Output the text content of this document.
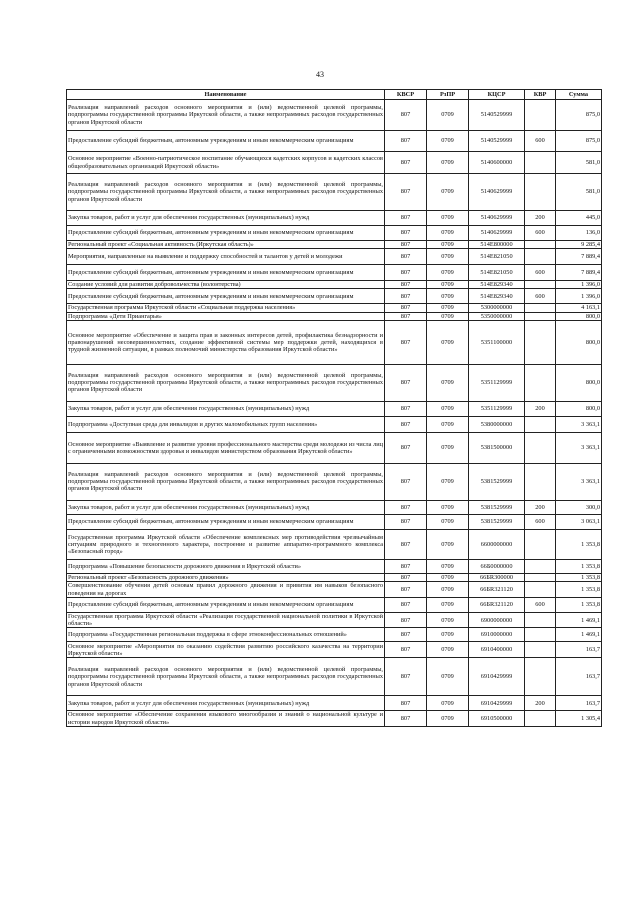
43
Наименование	КВСР	РзПР	КЦСР	КВР	Сумма
Реализация направлений расходов основного мероприятия и (или) ведомственной целевой программы, подпрограммы государственной программы Иркутской области, а также непрограммных расходов государственных органов Иркутской области	807	0709	5140529999		875,0
Предоставление субсидий бюджетным, автономным учреждениям и иным некоммерческим организациям	807	0709	5140529999	600	875,0
Основное мероприятие «Военно-патриотическое воспитание обучающихся кадетских корпусов и кадетских классов общеобразовательных организаций Иркутской области»	807	0709	5140600000		581,0
Реализация направлений расходов основного мероприятия и (или) ведомственной целевой программы, подпрограммы государственной программы Иркутской области, а также непрограммных расходов государственных органов Иркутской области	807	0709	5140629999		581,0
Закупка товаров, работ и услуг для обеспечения государственных (муниципальных) нужд	807	0709	5140629999	200	445,0
Предоставление субсидий бюджетным, автономным учреждениям и иным некоммерческим организациям	807	0709	5140629999	600	136,0
Региональный проект «Социальная активность (Иркутская область)»	807	0709	514E800000		9 285,4
Мероприятия, направленные на выявление и поддержку способностей и талантов у детей и молодежи	807	0709	514E821050		7 889,4
Предоставление субсидий бюджетным, автономным учреждениям и иным некоммерческим организациям	807	0709	514E821050	600	7 889,4
Создание условий для развития добровольчества (волонтерства)	807	0709	514E829340		1 396,0
Предоставление субсидий бюджетным, автономным учреждениям и иным некоммерческим организациям	807	0709	514E829340	600	1 396,0
Государственная программа Иркутской области «Социальная поддержка населения»	807	0709	5300000000		4 163,1
Подпрограмма «Дети Приангарья»	807	0709	5350000000		800,0
Основное мероприятие «Обеспечение и защита прав и законных интересов детей, профилактика безнадзорности и правонарушений несовершеннолетних, создание эффективной системы мер поддержки детей, находящихся в трудной жизненной ситуации, в рамках полномочий министерства образования Иркутской области»	807	0709	5351100000		800,0
Реализация направлений расходов основного мероприятия и (или) ведомственной целевой программы, подпрограммы государственной программы Иркутской области, а также непрограммных расходов государственных органов Иркутской области	807	0709	5351129999		800,0
Закупка товаров, работ и услуг для обеспечения государственных (муниципальных) нужд	807	0709	5351129999	200	800,0
Подпрограмма «Доступная среда для инвалидов и других маломобильных групп населения»	807	0709	5380000000		3 363,1
Основное мероприятие «Выявление и развитие уровня профессионального мастерства среди молодежи из числа лиц с ограниченными возможностями здоровья и инвалидов министерством образования Иркутской области»	807	0709	5381500000		3 363,1
Реализация направлений расходов основного мероприятия и (или) ведомственной целевой программы, подпрограммы государственной программы Иркутской области, а также непрограммных расходов государственных органов Иркутской области	807	0709	5381529999		3 363,1
Закупка товаров, работ и услуг для обеспечения государственных (муниципальных) нужд	807	0709	5381529999	200	300,0
Предоставление субсидий бюджетным, автономным учреждениям и иным некоммерческим организациям	807	0709	5381529999	600	3 063,1
Государственная программа Иркутской области «Обеспечение комплексных мер противодействия чрезвычайным ситуациям природного и техногенного характера, построение и развитие аппаратно-программного комплекса «Безопасный город»	807	0709	6600000000		1 353,8
Подпрограмма «Повышение безопасности дорожного движения в Иркутской области»	807	0709	66Б0000000		1 353,8
Региональный проект «Безопасность дорожного движения»	807	0709	66БR300000		1 353,8
Совершенствование обучения детей основам правил дорожного движения и привития им навыков безопасного поведения на дорогах	807	0709	66БR321120		1 353,8
Предоставление субсидий бюджетным, автономным учреждениям и иным некоммерческим организациям	807	0709	66БR321120	600	1 353,8
Государственная программа Иркутской области «Реализация государственной национальной политики в Иркутской области»	807	0709	6900000000		1 469,1
Подпрограмма «Государственная региональная поддержка в сфере этноконфессиональных отношений»	807	0709	6910000000		1 469,1
Основное мероприятие «Мероприятия по оказанию содействия развитию российского казачества на территории Иркутской области»	807	0709	6910400000		163,7
Реализация направлений расходов основного мероприятия и (или) ведомственной целевой программы, подпрограммы государственной программы Иркутской области, а также непрограммных расходов государственных органов Иркутской области	807	0709	6910429999		163,7
Закупка товаров, работ и услуг для обеспечения государственных (муниципальных) нужд	807	0709	6910429999	200	163,7
Основное мероприятие «Обеспечение сохранения языкового многообразия и знаний о национальной культуре и истории народов Иркутской области»	807	0709	6910500000		1 305,4
